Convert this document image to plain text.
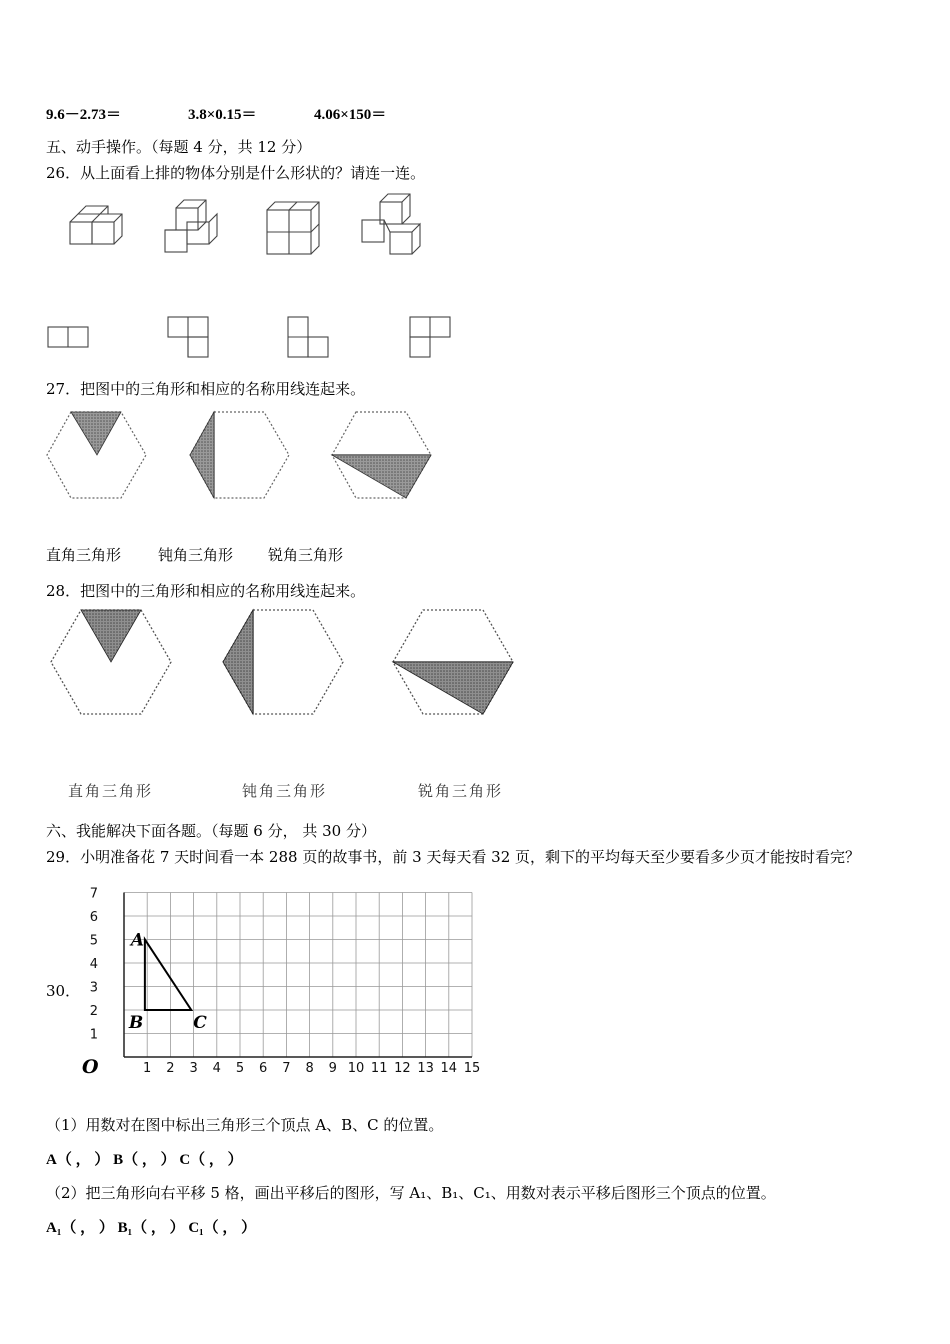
9.6－2.73＝	3.8×0.15＝	4.06×150＝
五、动手操作。（每题 4 分，共 12 分）
26．从上面看上排的物体分别是什么形状的？请连一连。
27．把图中的三角形和相应的名称用线连起来。
直角三角形 钝角三角形 锐角三角形
28．把图中的三角形和相应的名称用线连起来。
直角三角形	钝角三角形	锐角三角形
六、我能解决下面各题。（每题 6 分， 共 30 分）
29．小明准备花 7 天时间看一本 288 页的故事书，前 3 天每天看 32 页，剩下的平均每天至少要看多少页才能按时看完？
30．
1 2 3 4 5 6 7 8 9 10 11 12 13 14 15
1
2
3
4
5
6
7
O
A
B	C
（1）用数对在图中标出三角形三个顶点 A、B、C 的位置。
A（ ， ） B（ ， ） C（ ， ）
（2）把三角形向右平移 5 格，画出平移后的图形，写 A₁、B₁、C₁、用数对表示平移后图形三个顶点的位置。
A₁（ ， ） B₁（ ， ） C₁（ ， ）
